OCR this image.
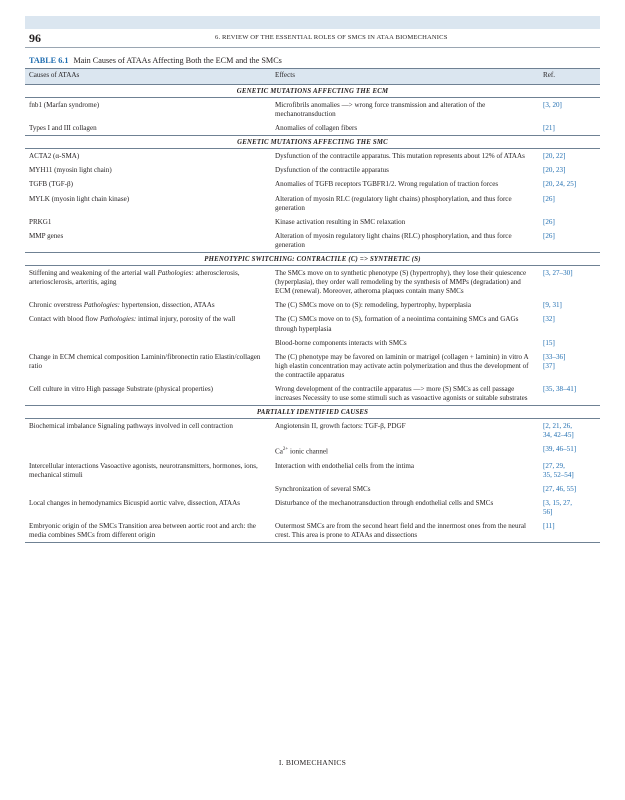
96	6. REVIEW OF THE ESSENTIAL ROLES OF SMCS IN ATAA BIOMECHANICS
TABLE 6.1 Main Causes of ATAAs Affecting Both the ECM and the SMCs
Causes of ATAAs	Effects	Ref.
GENETIC MUTATIONS AFFECTING THE ECM		
fnb1 (Marfan syndrome)	Microfibrils anomalies —> wrong force transmission and alteration of the mechanotransduction	[3, 20]
Types I and III collagen	Anomalies of collagen fibers	[21]
GENETIC MUTATIONS AFFECTING THE SMC		
ACTA2 (α-SMA)	Dysfunction of the contractile apparatus. This mutation represents about 12% of ATAAs	[20, 22]
MYH11 (myosin light chain)	Dysfunction of the contractile apparatus	[20, 23]
TGFB (TGF-β)	Anomalies of TGFB receptors TGBFR1/2. Wrong regulation of traction forces	[20, 24, 25]
MYLK (myosin light chain kinase)	Alteration of myosin RLC (regulatory light chains) phosphorylation, and thus force generation	[26]
PRKG1	Kinase activation resulting in SMC relaxation	[26]
MMP genes	Alteration of myosin regulatory light chains (RLC) phosphorylation, and thus force generation	[26]
PHENOTYPIC SWITCHING: CONTRACTILE (C) => SYNTHETIC (S)		
Stiffening and weakening of the arterial wall Pathologies: atherosclerosis, arteriosclerosis, arteritis, aging	The SMCs move on to synthetic phenotype (S) (hypertrophy), they lose their quiescence (hyperplasia), they order wall remodeling by the synthesis of MMPs (degradation) and ECM (renewal). Moreover, atheroma plaques contain many SMCs	[3, 27–30]
Chronic overstress Pathologies: hypertension, dissection, ATAAs	The (C) SMCs move on to (S): remodeling, hypertrophy, hyperplasia	[9, 31]
Contact with blood flow Pathologies: intimal injury, porosity of the wall	The (C) SMCs move on to (S), formation of a neointima containing SMCs and GAGs through hyperplasia	[32]
	Blood-borne components interacts with SMCs	[15]
Change in ECM chemical composition Laminin/fibronectin ratio Elastin/collagen ratio	The (C) phenotype may be favored on laminin or matrigel (collagen + laminin) in vitro A high elastin concentration may activate actin polymerization and thus the development of the contractile apparatus	[33–36]
[37]
Cell culture in vitro High passage Substrate (physical properties)	Wrong development of the contractile apparatus —> more (S) SMCs as cell passage increases Necessity to use some stimuli such as vasoactive agonists or suitable substrates	[35, 38–41]
PARTIALLY IDENTIFIED CAUSES		
Biochemical imbalance Signaling pathways involved in cell contraction	Angiotensin II, growth factors: TGF-β, PDGF	[2, 21, 26,
34, 42–45]
	$Ca^{2+}$ ionic channel	[39, 46–51]
Intercellular interactions Vasoactive agonists, neurotransmitters, hormones, ions, mechanical stimuli	Interaction with endothelial cells from the intima	[27, 29,
35, 52–54]
	Synchronization of several SMCs	[27, 46, 55]
Local changes in hemodynamics Bicuspid aortic valve, dissection, ATAAs	Disturbance of the mechanotransduction through endothelial cells and SMCs	[3, 15, 27,
56]
Embryonic origin of the SMCs Transition area between aortic root and arch: the media combines SMCs from different origin	Outermost SMCs are from the second heart field and the innermost ones from the neural crest. This area is prone to ATAAs and dissections	[11]
I. BIOMECHANICS
